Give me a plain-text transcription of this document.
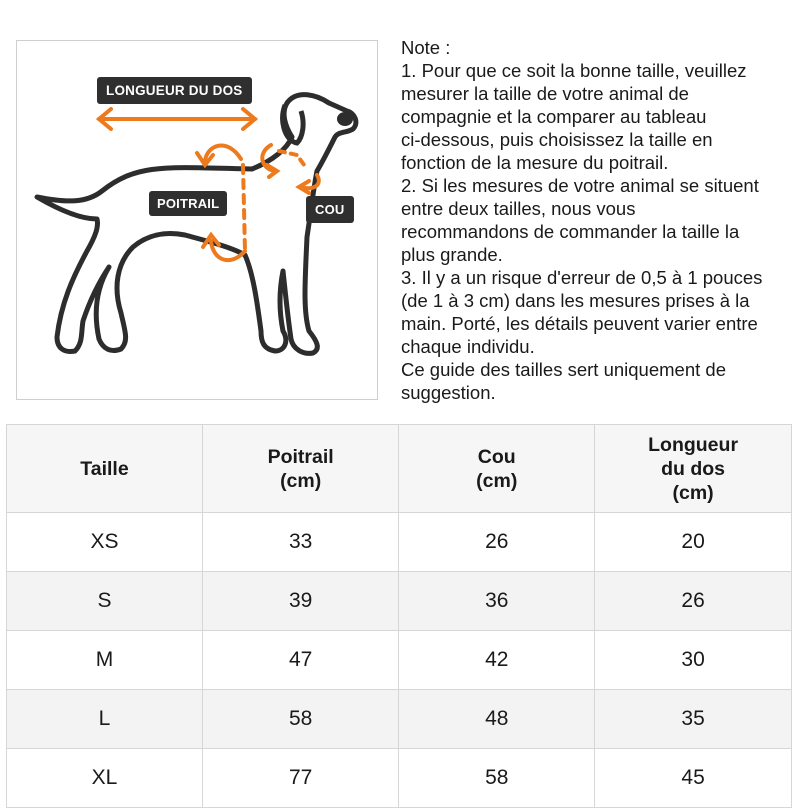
LONGUEUR DU DOS
POITRAIL	COU
Note :
1. Pour que ce soit la bonne taille, veuillez
mesurer la taille de votre animal de
compagnie et la comparer au tableau
ci-dessous, puis choisissez la taille en
fonction de la mesure du poitrail.
2. Si les mesures de votre animal se situent
entre deux tailles, nous vous
recommandons de commander la taille la
plus grande.
3. Il y a un risque d'erreur de 0,5 à 1 pouces
(de 1 à 3 cm) dans les mesures prises à la
main. Porté, les détails peuvent varier entre
chaque individu.
Ce guide des tailles sert uniquement de
suggestion.
Taille

Poitrail
(cm)

Cou
(cm)

Longueur
du dos
(cm)

XS	33	26	20
S	39	36	26
M	47	42	30
L	58	48	35
XL	77	58	45
